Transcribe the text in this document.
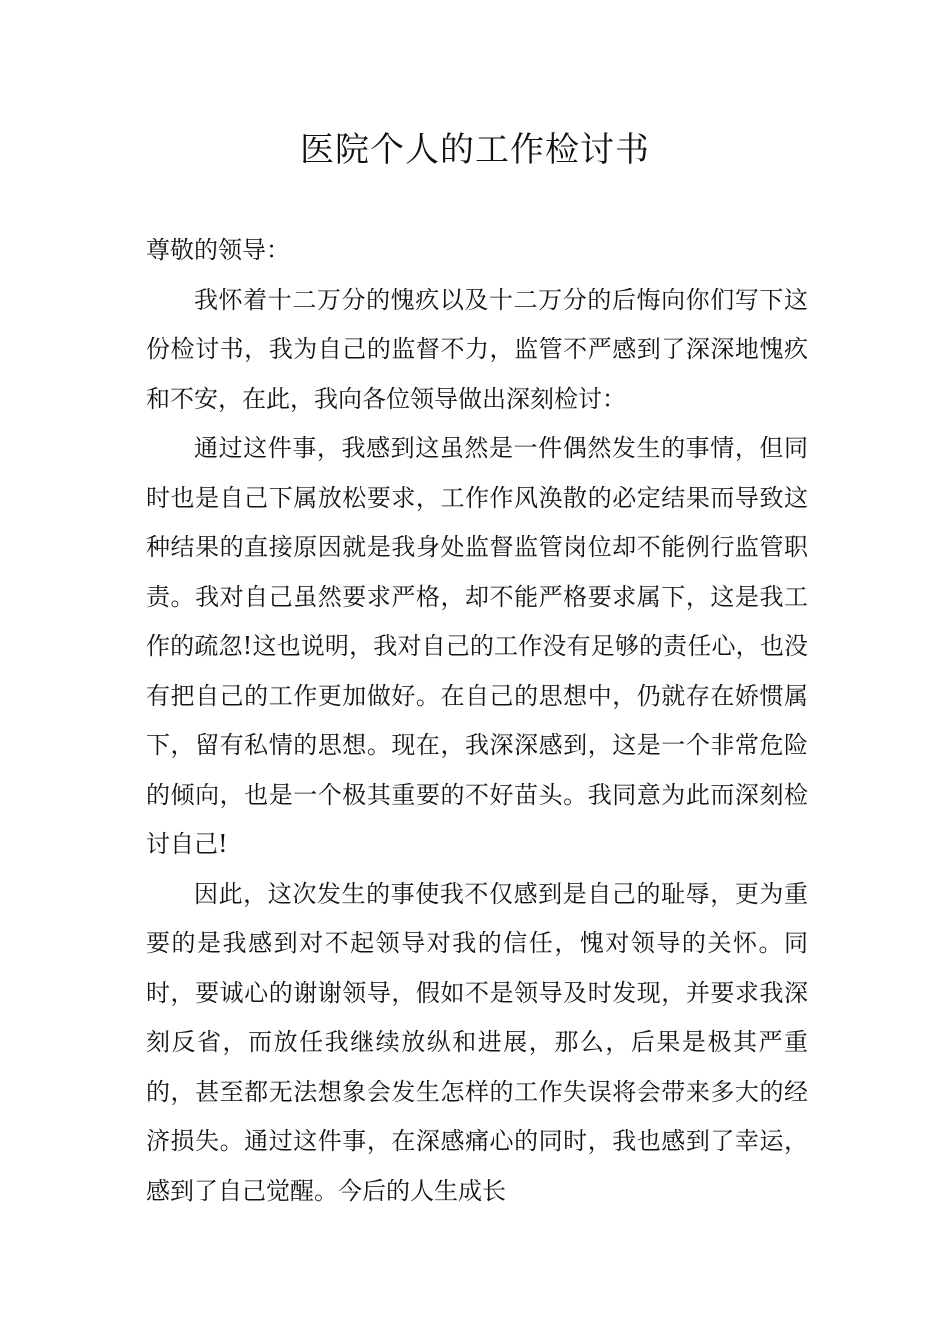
医院个人的工作检讨书

尊敬的领导：

我怀着十二万分的愧疚以及十二万分的后悔向你们写下这份检讨书，我为自己的监督不力，监管不严感到了深深地愧疚和不安，在此，我向各位领导做出深刻检讨：

通过这件事，我感到这虽然是一件偶然发生的事情，但同时也是自己下属放松要求，工作作风涣散的必定结果而导致这种结果的直接原因就是我身处监督监管岗位却不能例行监管职责。我对自己虽然要求严格，却不能严格要求属下，这是我工作的疏忽!这也说明，我对自己的工作没有足够的责任心，也没有把自己的工作更加做好。在自己的思想中，仍就存在娇惯属下，留有私情的思想。现在，我深深感到，这是一个非常危险的倾向，也是一个极其重要的不好苗头。我同意为此而深刻检讨自己!

因此，这次发生的事使我不仅感到是自己的耻辱，更为重要的是我感到对不起领导对我的信任，愧对领导的关怀。同时，要诚心的谢谢领导，假如不是领导及时发现，并要求我深刻反省，而放任我继续放纵和进展，那么，后果是极其严重的，甚至都无法想象会发生怎样的工作失误将会带来多大的经济损失。通过这件事，在深感痛心的同时，我也感到了幸运，感到了自己觉醒。今后的人生成长
